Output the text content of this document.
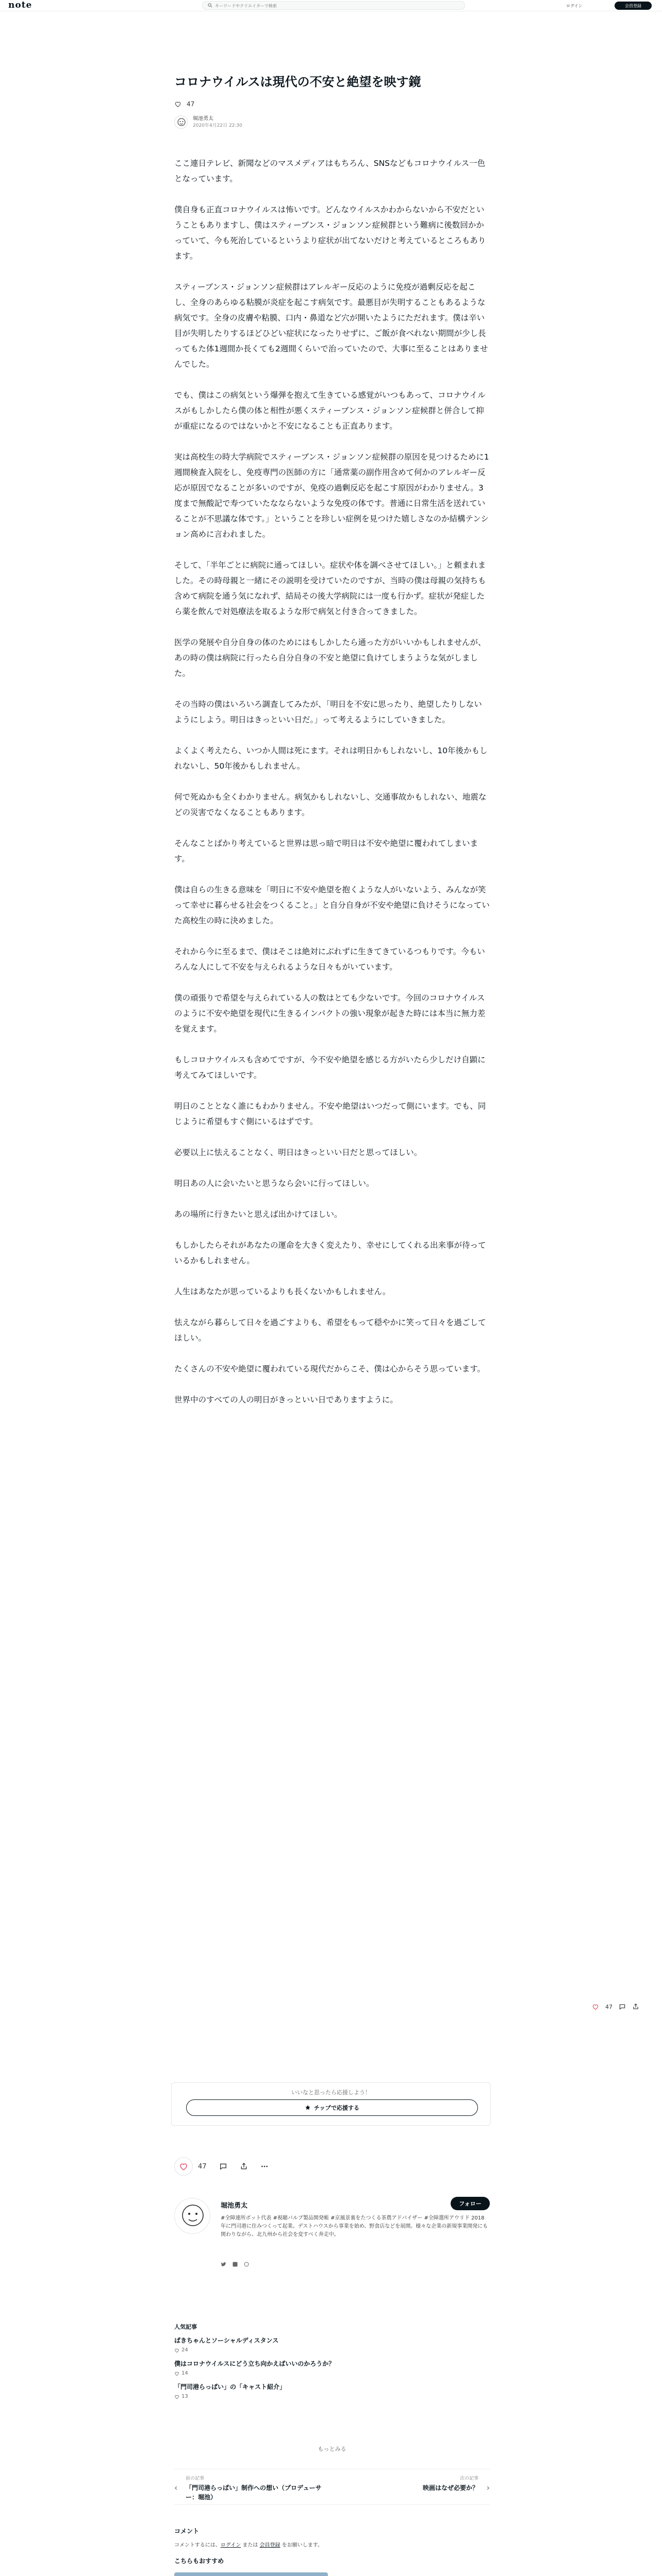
note
キーワードやクリエイターで検索	ログイン	会員登録
コロナウイルスは現代の不安と絶望を映す鏡
47
堀池勇太
2020年4月22日 22:30

ここ連日テレビ、新聞などのマスメディアはもちろん、SNSなどもコロナウイルス一色となっています。

僕自身も正直コロナウイルスは怖いです。どんなウイルスかわからないから不安だということもありますし、僕はスティーブンス・ジョンソン症候群という難病に後数回かかっていて、今も死治しているというより症状が出てないだけと考えているところもあります。

スティーブンス・ジョンソン症候群はアレルギー反応のように免疫が過剰反応を起こし、全身のあらゆる粘膜が炎症を起こす病気です。最悪目が失明することもあるような病気です。全身の皮膚や粘膜、口内・鼻道など穴が開いたようにただれます。僕は辛い目が失明したりするほどひどい症状になったりせずに、ご飯が食べれない期間が少し長ってもた体1週間か長くても2週間くらいで治っていたので、大事に至ることはありませんでした。

でも、僕はこの病気という爆弾を抱えて生きている感覚がいつもあって、コロナウイルスがもしかしたら僕の体と相性が悪くスティーブンス・ジョンソン症候群と併合して抑が重症になるのではないかと不安になることも正直あります。

実は高校生の時大学病院でスティーブンス・ジョンソン症候群の原因を見つけるために1週間検査入院をし、免疫専門の医師の方に「通常薬の副作用含めて何かのアレルギー反応が原因でなることが多いのですが、免疫の過剰反応を起こす原因がわかりません。3度まで無酸記で寿つていたなならないような免疫の体です。普通に日常生活を送れていることが不思議な体です。」ということを珍しい症例を見つけた嬉しさなのか結構テンション高めに言われました。

そして、「半年ごとに病院に通ってほしい。症状や体を調べさせてほしい。」と頼まれました。その時母親と一緒にその説明を受けていたのですが、当時の僕は母親の気持ちも含めて病院を通う気になれず、結局その後大学病院には一度も行かず。症状が発症したら薬を飲んで対処療法を取るような形で病気と付き合ってきました。

医学の発展や自分自身の体のためにはもしかしたら通った方がいいかもしれませんが、あの時の僕は病院に行ったら自分自身の不安と絶望に負けてしまうような気がしました。

その当時の僕はいろいろ調査してみたが、「明日を不安に思ったり、絶望したりしないようにしよう。明日はきっといい日だ。」って考えるようにしていきました。

よくよく考えたら、いつか人間は死にます。それは明日かもしれないし、10年後かもしれないし、50年後かもしれません。

何で死ぬかも全くわかりません。病気かもしれないし、交通事故かもしれない、地震などの災害でなくなることもあります。

そんなことばかり考えていると世界は思っ暗で明日は不安や絶望に覆われてしまいます。

僕は自らの生きる意味を「明日に不安や絶望を抱くような人がいないよう、みんなが笑って幸せに暮らせる社会をつくること。」と自分自身が不安や絶望に負けそうになっていた高校生の時に決めました。

それから今に至るまで、僕はそこは絶対にぶれずに生きてきているつもりです。今もいろんな人にして不安を与えられるような日々もがいています。

僕の頑張りで希望を与えられている人の数はとても少ないです。今回のコロナウイルスのように不安や絶望を現代に生きるインパクトの強い現象が起きた時には本当に無力差を覚えます。

もしコロナウイルスも含めてですが、今不安や絶望を感じる方がいたら少しだけ自顕に考えてみてほしいです。

明日のこととなく誰にもわかりません。不安や絶望はいつだって側にいます。でも、同じように希望もすぐ側にいるはずです。

必要以上に怯えることなく、明日はきっといい日だと思ってほしい。

明日あの人に会いたいと思うなら会いに行ってほしい。

あの場所に行きたいと思えば出かけてほしい。

もしかしたらそれがあなたの運命を大きく変えたり、幸せにしてくれる出来事が待っているかもしれません。

人生はあなたが思っているよりも長くないかもしれません。

怯えながら暮らして日々を過ごすよりも、希望をもって穏やかに笑って日々を過ごしてほしい。

たくさんの不安や絶望に覆われている現代だからこそ、僕は心からそう思っています。

世界中のすべての人の明日がきっといい日でありますように。

47
いいなと思ったら応援しよう！
チップで応援する
47
堀池勇太	フォロー
#全障連所ボット代表 #視聴バルブ製品開発帳 #京風景裏をたつくる茶農アドバイザー #全障選所アウリド 2018年に門司港に住みつくって起業。デストハウスから事業を始め、野食店などを展開。様々な企業の新規事業開発にも関わりながら、北九州から社会を変すべく奔走中。
人気記事
ぱきちゃんとソーシャルディスタンス
24
僕はコロナウイルスにどう立ち向かえばいいのかろうか？
14
「門司港らっぱい」の「キャスト紹介」
13
もっとみる
‹
前の記事
「門司港らっぱい」制作への想い（プロデューサー：堀池）
次の記事
映画はなぜ必要か？ ›
コメント
コメントするには、ログイン または 会員登録 をお願いします。
こちらもおすすめ
